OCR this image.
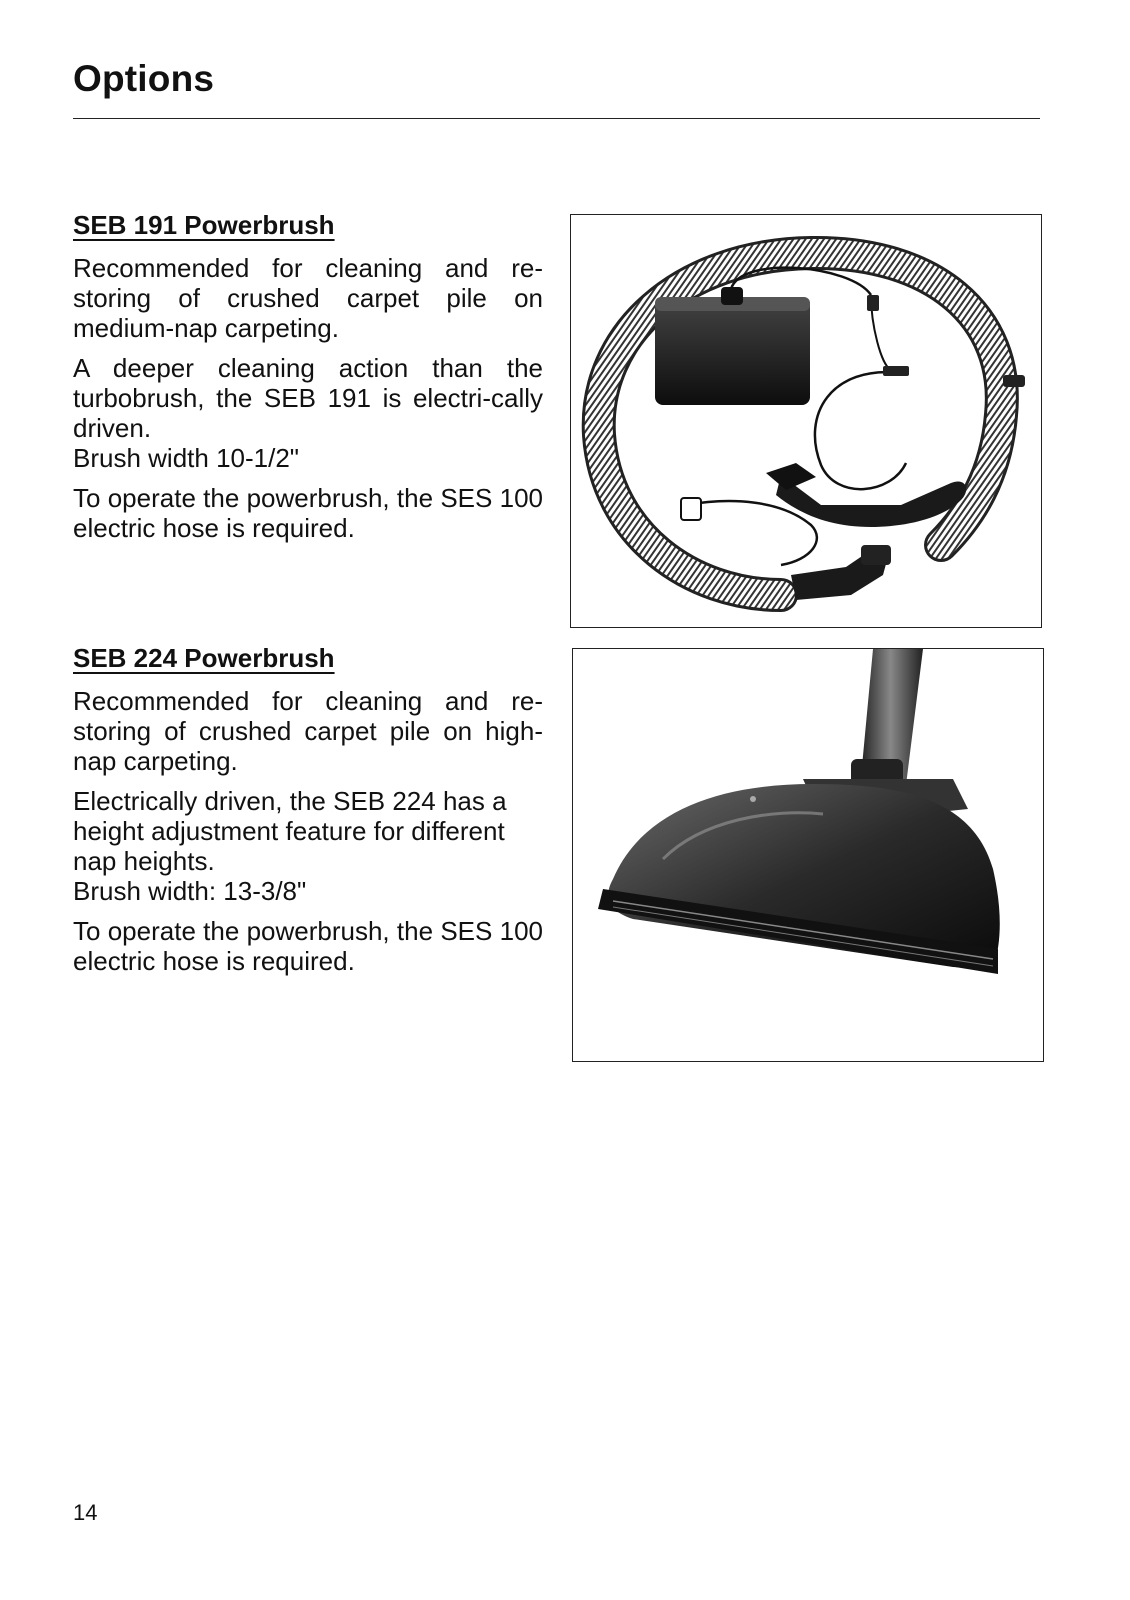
Options
SEB 191 Powerbrush

Recommended for cleaning and re-storing of crushed carpet pile on medium-nap carpeting.

A deeper cleaning action than the turbobrush, the SEB 191 is electri-cally driven.

Brush width 10-1/2"

To operate the powerbrush, the SES 100 electric hose is required.

SEB 224 Powerbrush

Recommended for cleaning and re-storing of crushed carpet pile on high-nap carpeting.

Electrically driven, the SEB 224 has a height adjustment feature for different nap heights.

Brush width: 13-3/8"

To operate the powerbrush, the SES 100 electric hose is required.

14
